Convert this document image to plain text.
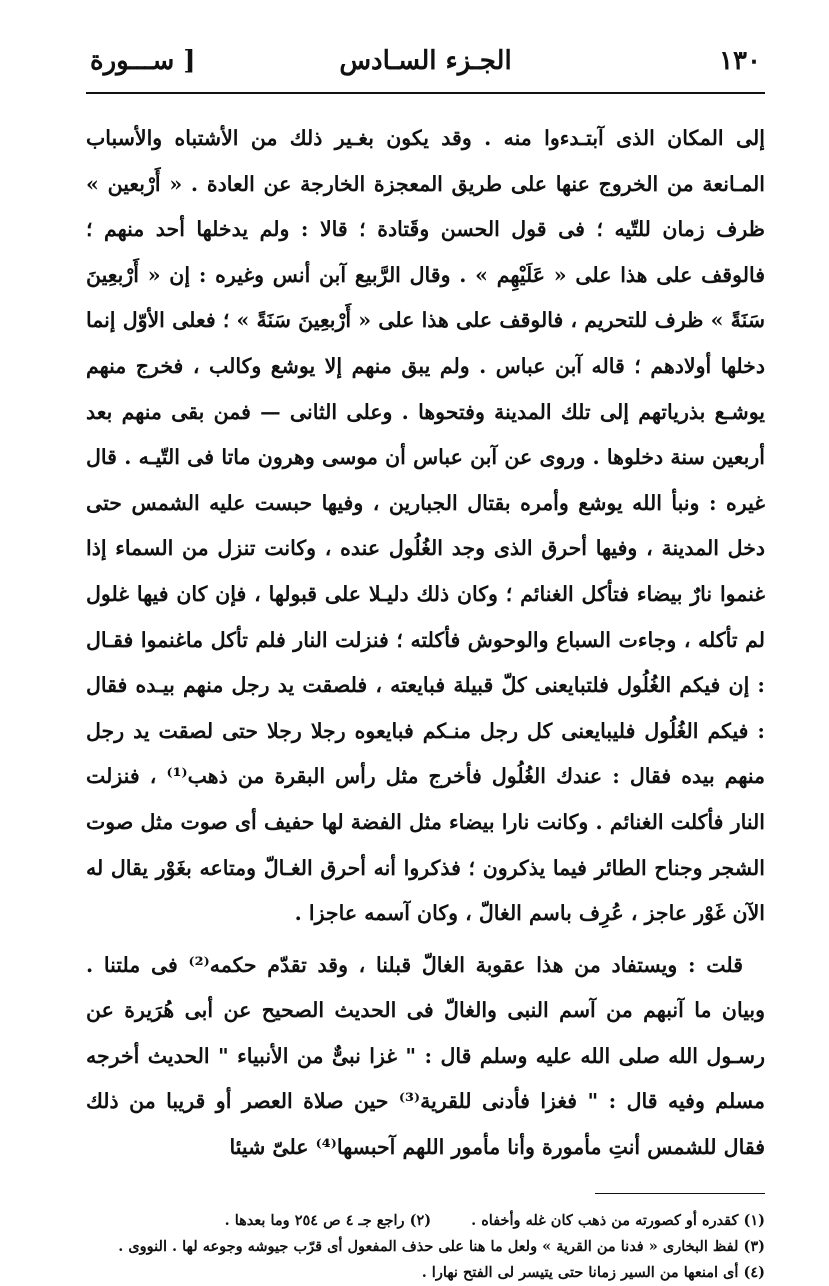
١٣٠
الجـزء السـادس
[ ســـورة

إلى المكان الذى آبتـدءوا منه . وقد يكون بغـير ذلك من الأشتباه والأسباب المـانعة من الخروج عنها على طريق المعجزة الخارجة عن العادة . « أَرْبعين » ظرف زمان للتّيه ؛ فى قول الحسن وقَتادة ؛ قالا : ولم يدخلها أحد منهم ؛ فالوقف على هذا على « عَلَيْهِم » . وقال الرَّبيع آبن أنس وغيره : إن « أَرْبعِينَ سَنَةً » ظرف للتحريم ، فالوقف على هذا على « أَرْبعِينَ سَنَةً » ؛ فعلى الأوّل إنما دخلها أولادهم ؛ قاله آبن عباس . ولم يبق منهم إلا يوشع وكالب ، فخرج منهم يوشـع بذرياتهم إلى تلك المدينة وفتحوها . وعلى الثانى — فمن بقى منهم بعد أربعين سنة دخلوها . وروى عن آبن عباس أن موسى وهرون ماتا فى التّيـه . قال غيره : ونبأ الله يوشع وأمره بقتال الجبارين ، وفيها حبست عليه الشمس حتى دخل المدينة ، وفيها أحرق الذى وجد الغُلُول عنده ، وكانت تنزل من السماء إذا غنموا نارٌ بيضاء فتأكل الغنائم ؛ وكان ذلك دليـلا على قبولها ، فإن كان فيها غلول لم تأكله ، وجاءت السباع والوحوش فأكلته ؛ فنزلت النار فلم تأكل ماغنموا فقـال : إن فيكم الغُلُول فلتبايعنى كلّ قبيلة فبايعته ، فلصقت يد رجل منهم بيـده فقال : فيكم الغُلُول فليبايعنى كل رجل منـكم فبايعوه رجلا رجلا حتى لصقت يد رجل منهم بيده فقال : عندك الغُلُول فأخرج مثل رأس البقرة من ذهب⁽¹⁾ ، فنزلت النار فأكلت الغنائم . وكانت نارا بيضاء مثل الفضة لها حفيف أى صوت مثل صوت الشجر وجناح الطائر فيما يذكرون ؛ فذكروا أنه أحرق الغـالّ ومتاعه بغَوْر يقال له الآن غَوْر عاجز ، عُرِف باسم الغالّ ، وكان آسمه عاجزا .

قلت : ويستفاد من هذا عقوبة الغالّ قبلنا ، وقد تقدّم حكمه⁽²⁾ فى ملتنا . وبيان ما آنبهم من آسم النبى والغالّ فى الحديث الصحيح عن أبى هُرَيرة عن رسـول الله صلى الله عليه وسلم قال : " غزا نبىٌّ من الأنبياء " الحديث أخرجه مسلم وفيه قال : " فغزا فأدنى للقرية⁽³⁾ حين صلاة العصر أو قريبا من ذلك فقال للشمس أنتِ مأمورة وأنا مأمور اللهم آحبسها⁽⁴⁾ علىّ شيئا

(١) كقدره أو كصورته من ذهب كان غله وأخفاه .
(٢) راجع جـ ٤ ص ٢٥٤ وما بعدها .
(٣) لفظ البخارى « فدنا من القرية » ولعل ما هنا على حذف المفعول أى قرّب جيوشه وجوعه لها . النووى .
(٤) أى امنعها من السير زمانا حتى يتيسر لى الفتح نهارا .
